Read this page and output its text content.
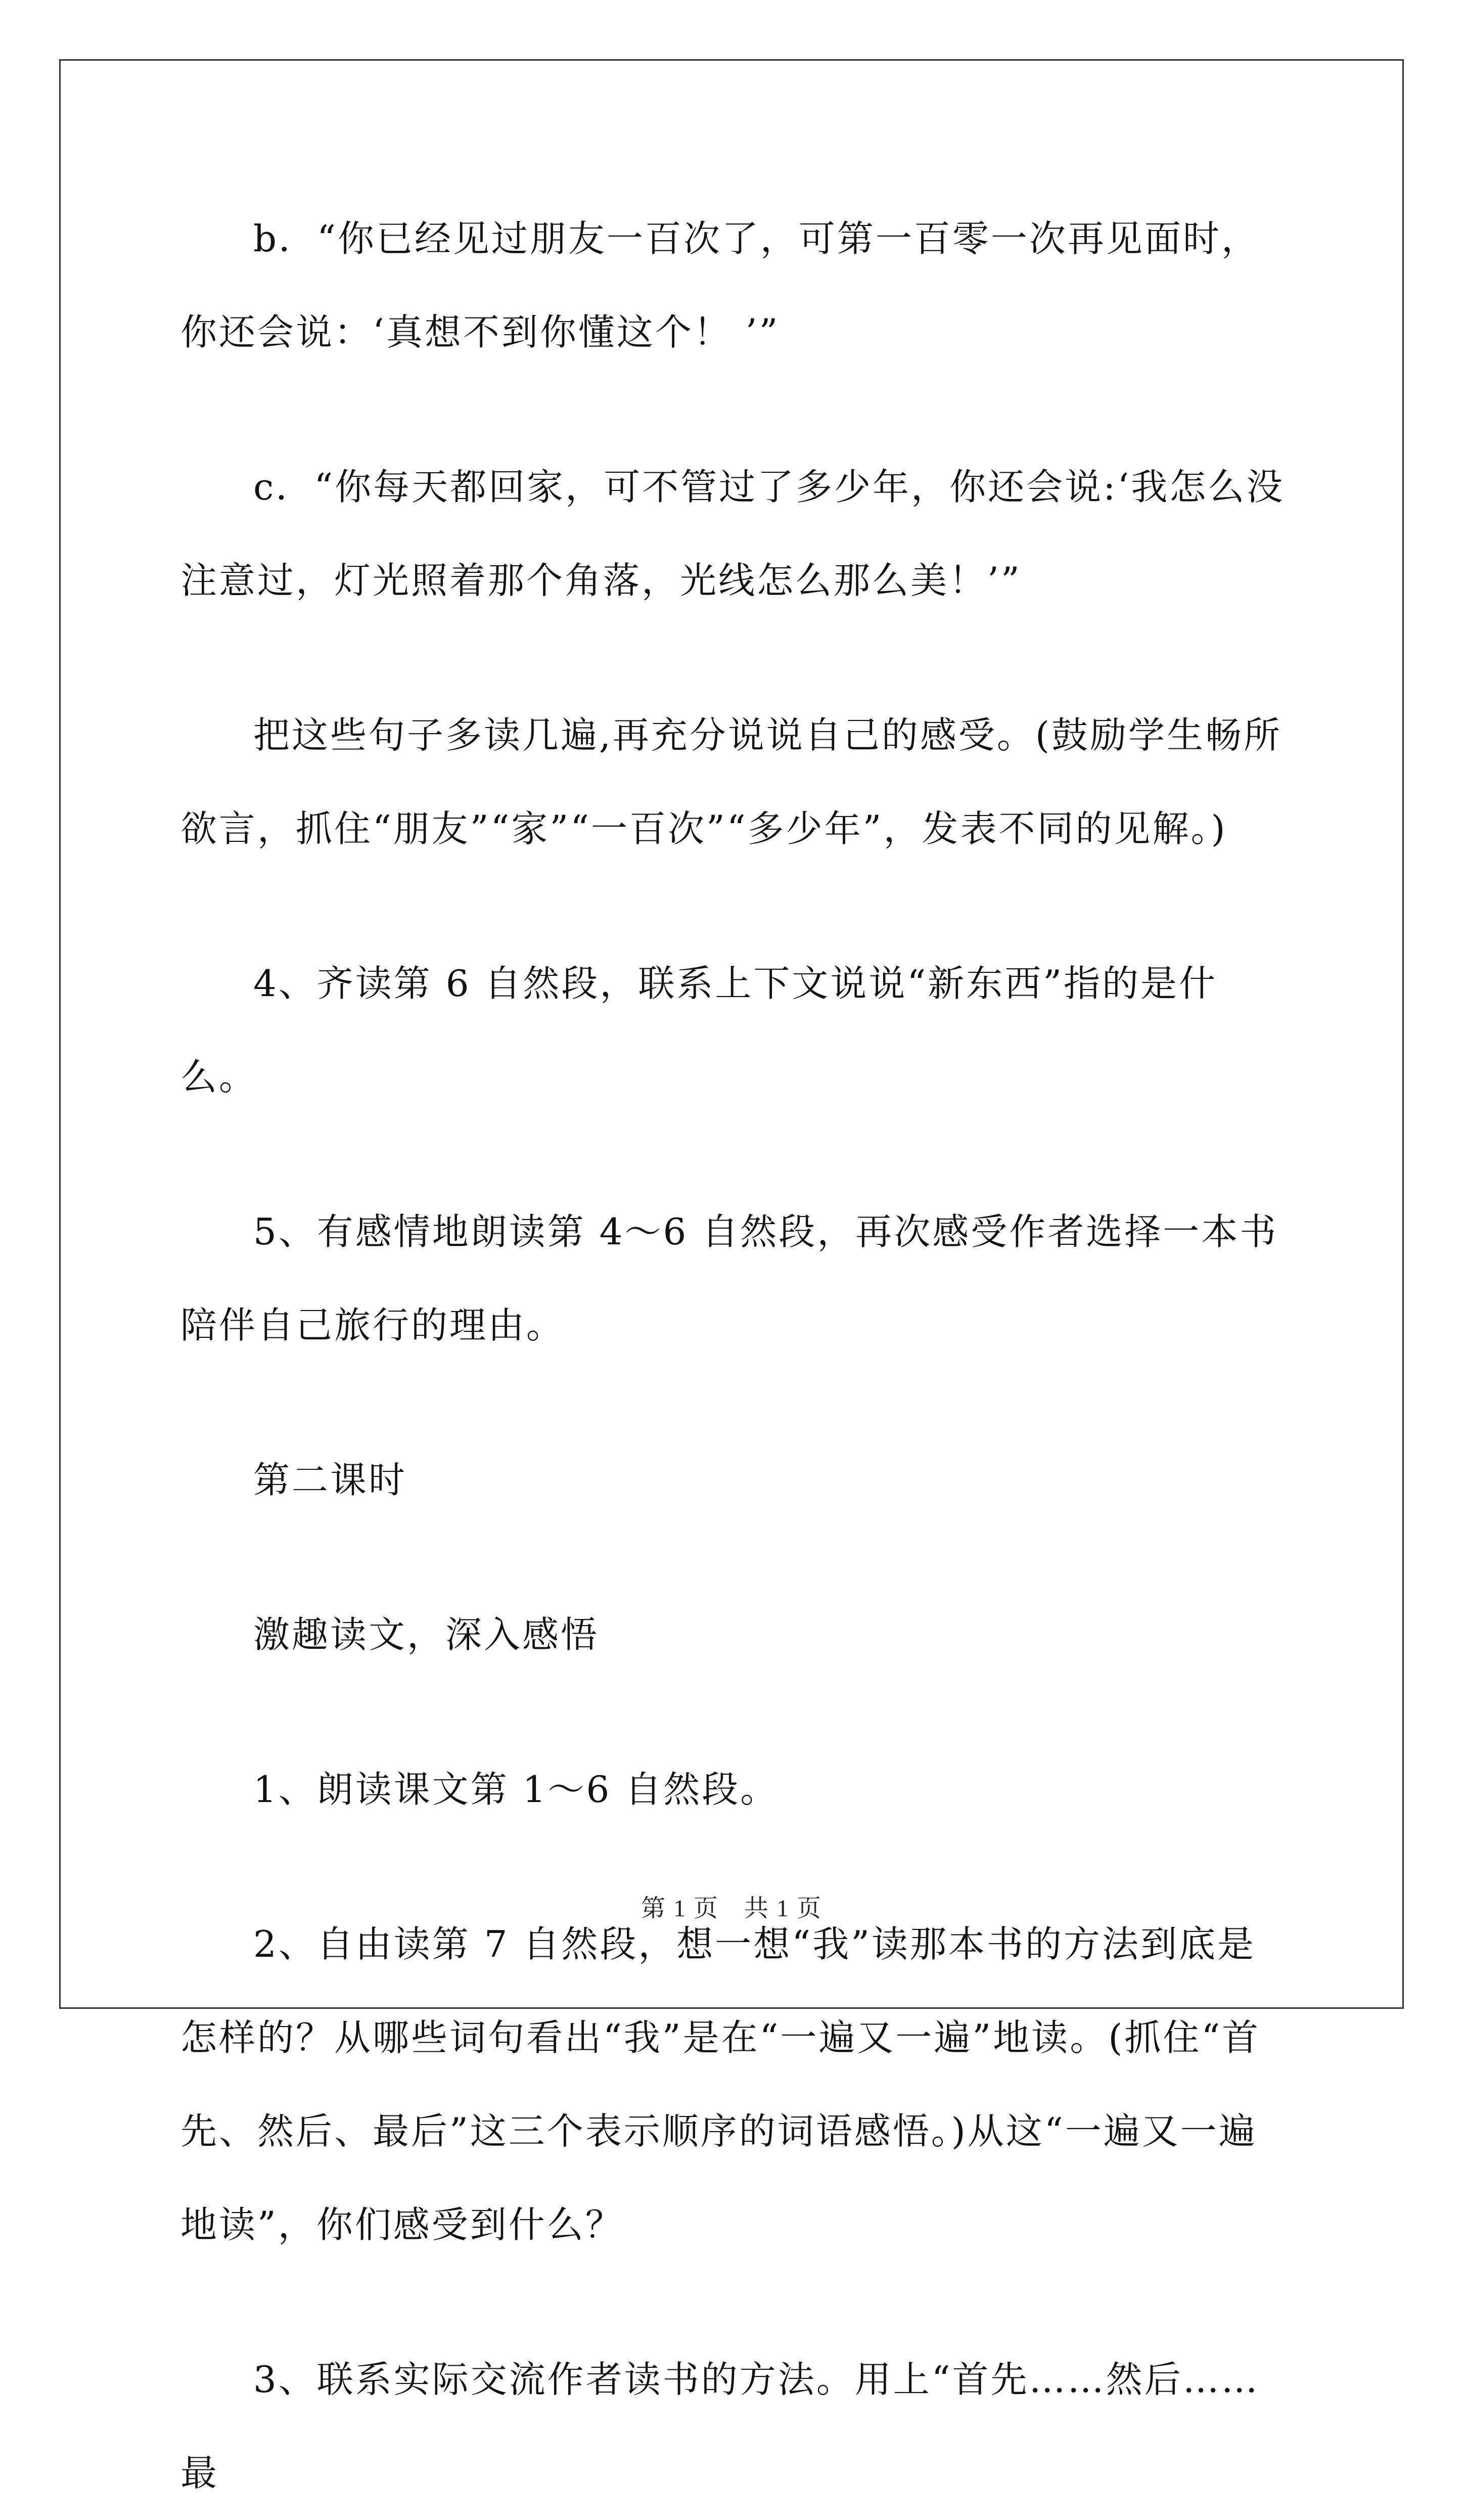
b．“你已经见过朋友一百次了，可第一百零一次再见面时，你还会说：‘真想不到你懂这个！ ’”

c．“你每天都回家，可不管过了多少年，你还会说:‘我怎么没注意过，灯光照着那个角落，光线怎么那么美！’”

把这些句子多读几遍,再充分说说自己的感受。(鼓励学生畅所欲言，抓住“朋友”“家”“一百次”“多少年”，发表不同的见解。)

4、齐读第 6 自然段，联系上下文说说“新东西”指的是什么。

5、有感情地朗读第 4～6 自然段，再次感受作者选择一本书陪伴自己旅行的理由。

第二课时

激趣读文，深入感悟

1、朗读课文第 1～6 自然段。

2、自由读第 7 自然段，想一想“我”读那本书的方法到底是怎样的？从哪些词句看出“我”是在“一遍又一遍”地读。(抓住“首先、然后、最后”这三个表示顺序的词语感悟。)从这“一遍又一遍地读”，你们感受到什么？

3、联系实际交流作者读书的方法。用上“首先……然后……最

第 1 页　共 1 页
